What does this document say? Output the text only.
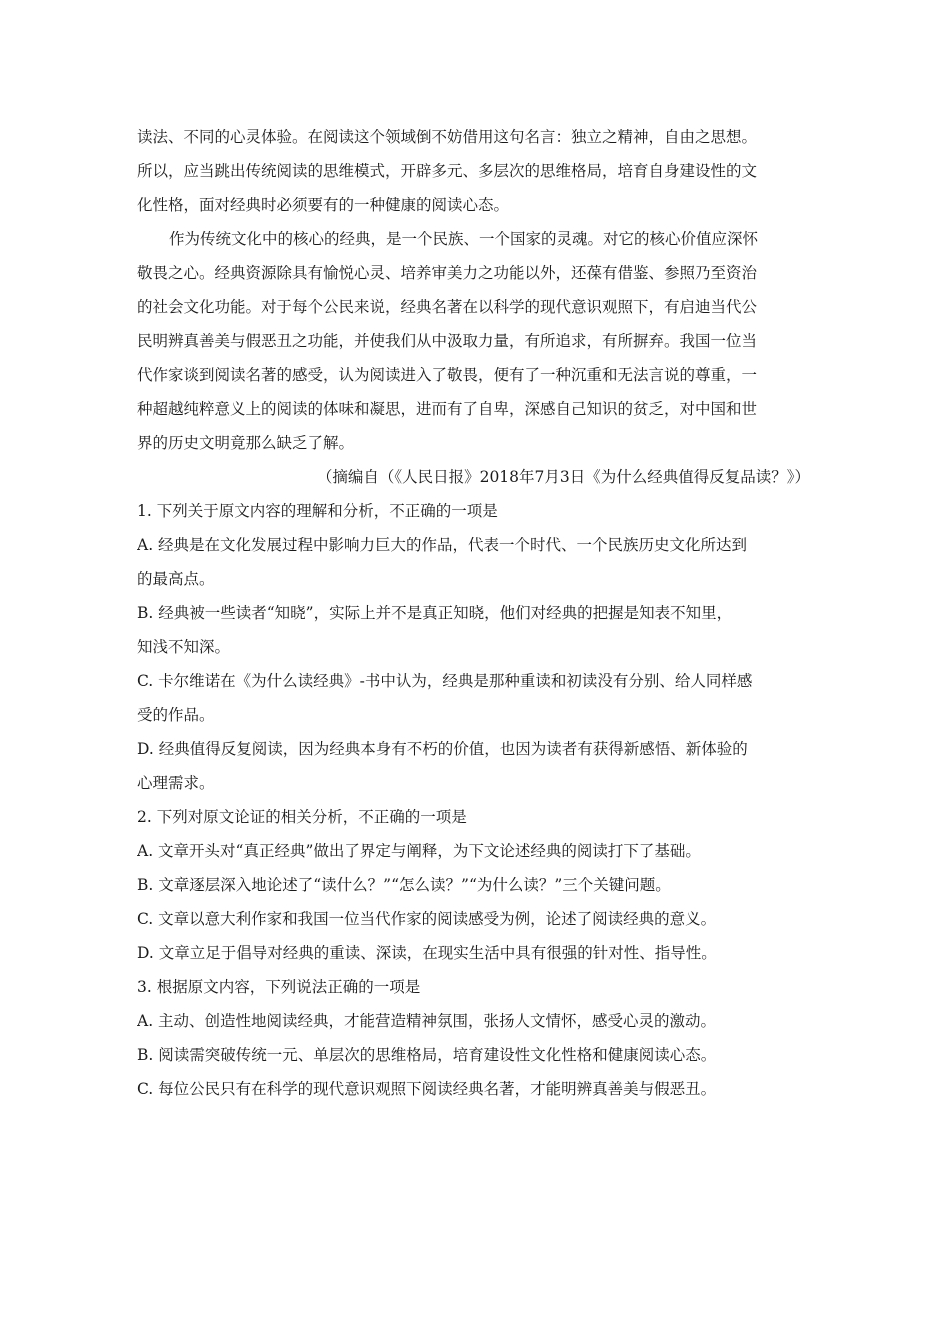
读法、不同的心灵体验。在阅读这个领域倒不妨借用这句名言：独立之精神，自由之思想。
所以，应当跳出传统阅读的思维模式，开辟多元、多层次的思维格局，培育自身建设性的文
化性格，面对经典时必须要有的一种健康的阅读心态。
作为传统文化中的核心的经典，是一个民族、一个国家的灵魂。对它的核心价值应深怀
敬畏之心。经典资源除具有愉悦心灵、培养审美力之功能以外，还葆有借鉴、参照乃至资治
的社会文化功能。对于每个公民来说，经典名著在以科学的现代意识观照下，有启迪当代公
民明辨真善美与假恶丑之功能，并使我们从中汲取力量，有所追求，有所摒弃。我国一位当
代作家谈到阅读名著的感受，认为阅读进入了敬畏，便有了一种沉重和无法言说的尊重，一
种超越纯粹意义上的阅读的体味和凝思，进而有了自卑，深感自己知识的贫乏，对中国和世
界的历史文明竟那么缺乏了解。
（摘编自（《人民日报》2018年7月3日《为什么经典值得反复品读？》）
1. 下列关于原文内容的理解和分析，不正确的一项是
A. 经典是在文化发展过程中影响力巨大的作品，代表一个时代、一个民族历史文化所达到
的最高点。
B. 经典被一些读者“知晓”，实际上并不是真正知晓，他们对经典的把握是知表不知里，
知浅不知深。
C. 卡尔维诺在《为什么读经典》-书中认为，经典是那种重读和初读没有分别、给人同样感
受的作品。
D. 经典值得反复阅读，因为经典本身有不朽的价值，也因为读者有获得新感悟、新体验的
心理需求。
2. 下列对原文论证的相关分析，不正确的一项是
A. 文章开头对“真正经典”做出了界定与阐释，为下文论述经典的阅读打下了基础。
B. 文章逐层深入地论述了“读什么？”“怎么读？”“为什么读？”三个关键问题。
C. 文章以意大利作家和我国一位当代作家的阅读感受为例，论述了阅读经典的意义。
D. 文章立足于倡导对经典的重读、深读，在现实生活中具有很强的针对性、指导性。
3. 根据原文内容，下列说法正确的一项是
A. 主动、创造性地阅读经典，才能营造精神氛围，张扬人文情怀，感受心灵的激动。
B. 阅读需突破传统一元、单层次的思维格局，培育建设性文化性格和健康阅读心态。
C. 每位公民只有在科学的现代意识观照下阅读经典名著，才能明辨真善美与假恶丑。
